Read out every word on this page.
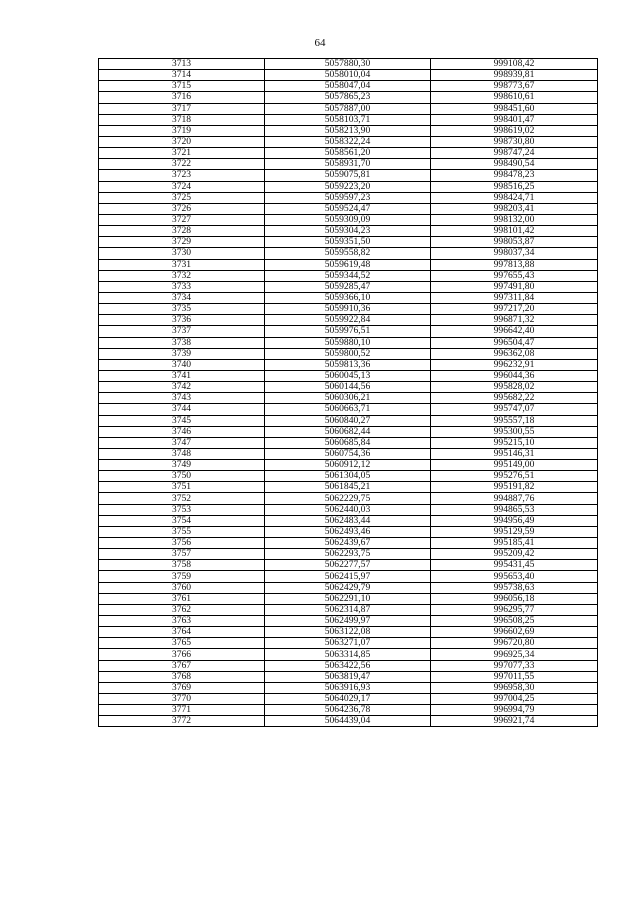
64
3713	5057880,30	999108,42
3714	5058010,04	998939,81
3715	5058047,04	998773,67
3716	5057865,23	998610,61
3717	5057887,00	998451,60
3718	5058103,71	998401,47
3719	5058213,90	998619,02
3720	5058322,24	998730,80
3721	5058561,20	998747,24
3722	5058931,70	998490,54
3723	5059075,81	998478,23
3724	5059223,20	998516,25
3725	5059597,23	998424,71
3726	5059524,47	998203,41
3727	5059309,09	998132,00
3728	5059304,23	998101,42
3729	5059351,50	998053,87
3730	5059558,82	998037,34
3731	5059619,48	997813,88
3732	5059344,52	997655,43
3733	5059285,47	997491,80
3734	5059366,10	997311,84
3735	5059910,36	997217,20
3736	5059922,84	996871,32
3737	5059976,51	996642,40
3738	5059880,10	996504,47
3739	5059800,52	996362,08
3740	5059813,36	996232,91
3741	5060045,13	996044,36
3742	5060144,56	995828,02
3743	5060306,21	995682,22
3744	5060663,71	995747,07
3745	5060840,27	995557,18
3746	5060682,44	995300,55
3747	5060685,84	995215,10
3748	5060754,36	995146,31
3749	5060912,12	995149,00
3750	5061304,05	995276,51
3751	5061845,21	995191,82
3752	5062229,75	994887,76
3753	5062440,03	994865,53
3754	5062483,44	994956,49
3755	5062493,46	995129,59
3756	5062439,67	995185,41
3757	5062293,75	995209,42
3758	5062277,57	995431,45
3759	5062415,97	995653,40
3760	5062429,79	995738,63
3761	5062291,10	996056,18
3762	5062314,87	996295,77
3763	5062499,97	996508,25
3764	5063122,08	996602,69
3765	5063271,07	996720,80
3766	5063314,85	996925,34
3767	5063422,56	997077,33
3768	5063819,47	997011,55
3769	5063916,93	996958,30
3770	5064029,17	997004,25
3771	5064236,78	996994,79
3772	5064439,04	996921,74
